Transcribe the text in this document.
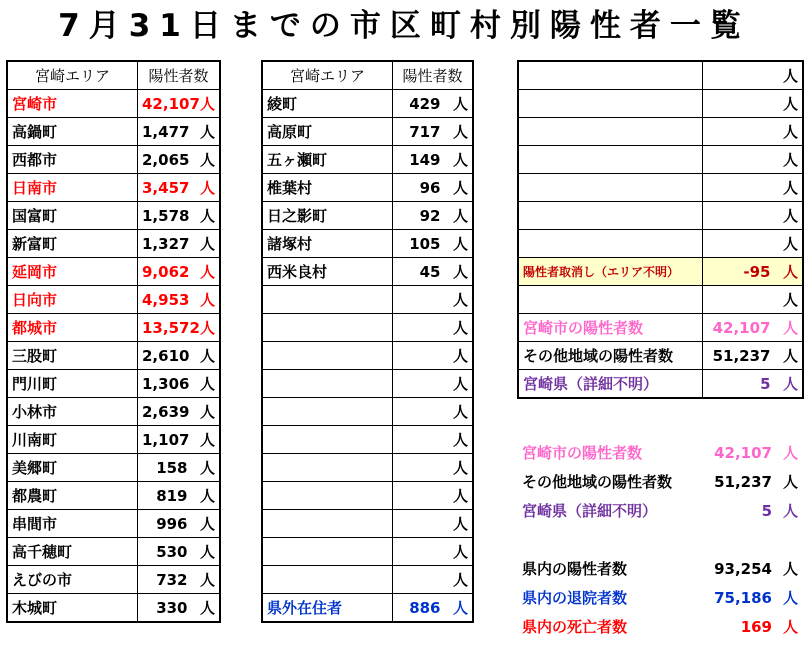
7月31日までの市区町村別陽性者一覧
宮崎エリア	陽性者数	
宮崎市	42,107	人
高鍋町	1,477	人
西都市	2,065	人
日南市	3,457	人
国富町	1,578	人
新富町	1,327	人
延岡市	9,062	人
日向市	4,953	人
都城市	13,572	人
三股町	2,610	人
門川町	1,306	人
小林市	2,639	人
川南町	1,107	人
美郷町	158	人
都農町	819	人
串間市	996	人
高千穂町	530	人
えびの市	732	人
木城町	330	人
宮崎エリア	陽性者数	
綾町	429	人
高原町	717	人
五ヶ瀬町	149	人
椎葉村	96	人
日之影町	92	人
諸塚村	105	人
西米良村	45	人
		人
		人
		人
		人
		人
		人
		人
		人
		人
		人
		人
県外在住者	886	人
		人
		人
		人
		人
		人
		人
		人
陽性者取消し（エリア不明）	-95	人
		人
宮崎市の陽性者数	42,107	人
その他地域の陽性者数	51,237	人
宮崎県（詳細不明）	5	人
宮崎市の陽性者数	42,107 人
その他地域の陽性者数	51,237 人
宮崎県（詳細不明）	5 人
県内の陽性者数	93,254 人
県内の退院者数	75,186 人
県内の死亡者数	169 人
